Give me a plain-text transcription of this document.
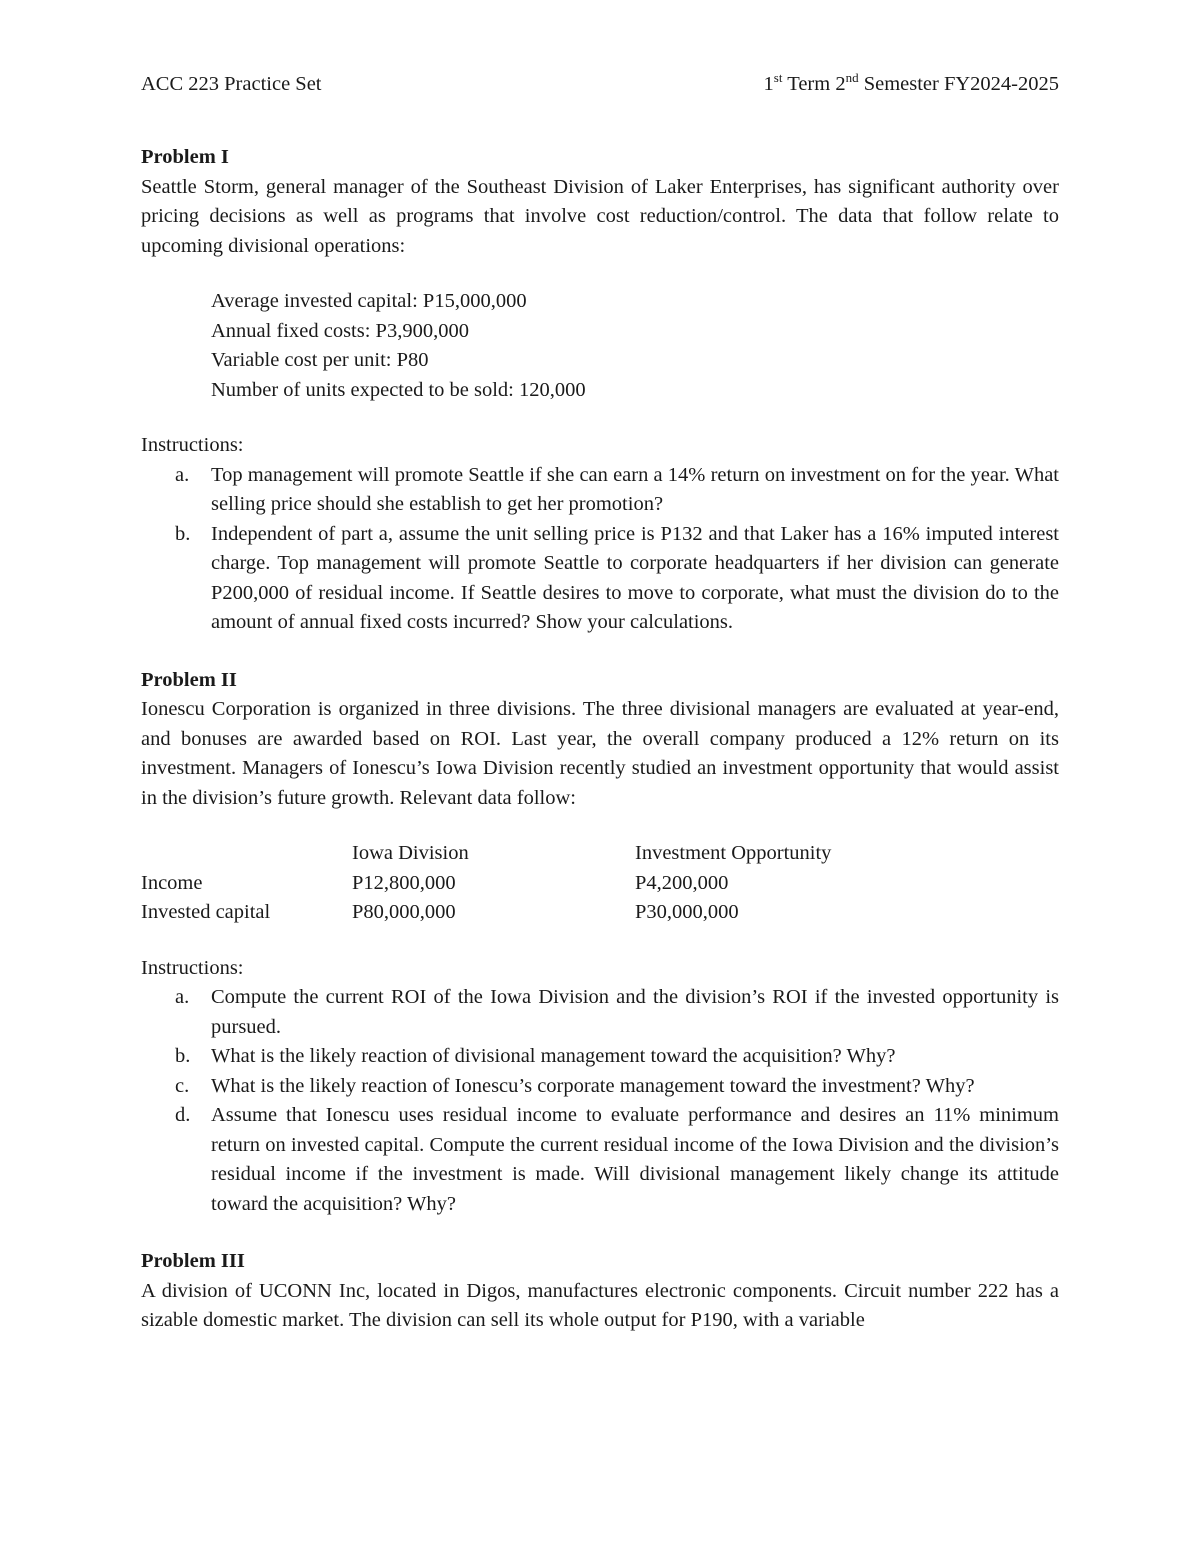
ACC 223 Practice Set	1st Term 2nd Semester FY2024-2025

Problem I

Seattle Storm, general manager of the Southeast Division of Laker Enterprises, has significant authority over pricing decisions as well as programs that involve cost reduction/control. The data that follow relate to upcoming divisional operations:

Average invested capital: P15,000,000
Annual fixed costs: P3,900,000
Variable cost per unit: P80
Number of units expected to be sold: 120,000

Instructions:

a. Top management will promote Seattle if she can earn a 14% return on investment on for the year. What selling price should she establish to get her promotion?
b. Independent of part a, assume the unit selling price is P132 and that Laker has a 16% imputed interest charge. Top management will promote Seattle to corporate headquarters if her division can generate P200,000 of residual income. If Seattle desires to move to corporate, what must the division do to the amount of annual fixed costs incurred? Show your calculations.

Problem II

Ionescu Corporation is organized in three divisions. The three divisional managers are evaluated at year-end, and bonuses are awarded based on ROI. Last year, the overall company produced a 12% return on its investment. Managers of Ionescu’s Iowa Division recently studied an investment opportunity that would assist in the division’s future growth. Relevant data follow:

	Iowa Division	Investment Opportunity
Income	P12,800,000	P4,200,000
Invested capital	P80,000,000	P30,000,000

Instructions:

a. Compute the current ROI of the Iowa Division and the division’s ROI if the invested opportunity is pursued.
b. What is the likely reaction of divisional management toward the acquisition? Why?
c. What is the likely reaction of Ionescu’s corporate management toward the investment? Why?
d. Assume that Ionescu uses residual income to evaluate performance and desires an 11% minimum return on invested capital. Compute the current residual income of the Iowa Division and the division’s residual income if the investment is made. Will divisional management likely change its attitude toward the acquisition? Why?

Problem III

A division of UCONN Inc, located in Digos, manufactures electronic components. Circuit number 222 has a sizable domestic market. The division can sell its whole output for P190, with a variable
